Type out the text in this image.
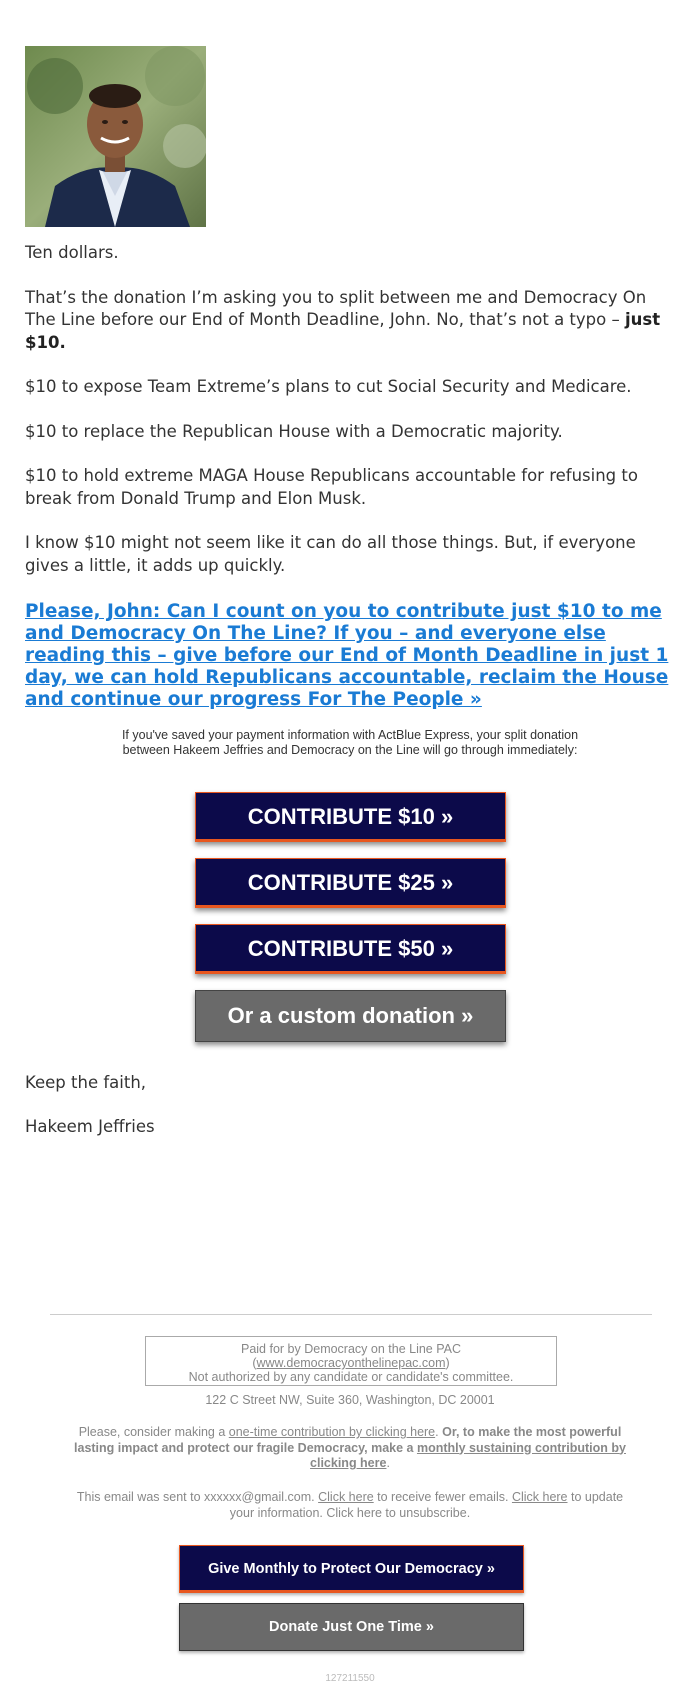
Ten dollars.

That’s the donation I’m asking you to split between me and Democracy On The Line before our End of Month Deadline, John. No, that’s not a typo – just $10.

$10 to expose Team Extreme’s plans to cut Social Security and Medicare.

$10 to replace the Republican House with a Democratic majority.

$10 to hold extreme MAGA House Republicans accountable for refusing to break from Donald Trump and Elon Musk.

I know $10 might not seem like it can do all those things. But, if everyone gives a little, it adds up quickly.

Please, John: Can I count on you to contribute just $10 to me and Democracy On The Line? If you – and everyone else reading this – give before our End of Month Deadline in just 1 day, we can hold Republicans accountable, reclaim the House and continue our progress For The People »

If you've saved your payment information with ActBlue Express, your split donation between Hakeem Jeffries and Democracy on the Line will go through immediately:

CONTRIBUTE $10 »
CONTRIBUTE $25 »
CONTRIBUTE $50 »
Or a custom donation »

Keep the faith,

Hakeem Jeffries

Paid for by Democracy on the Line PAC
(www.democracyonthelinepac.com)
Not authorized by any candidate or candidate's committee.
122 C Street NW, Suite 360, Washington, DC 20001
Please, consider making a one-time contribution by clicking here. Or, to make the most powerful lasting impact and protect our fragile Democracy, make a monthly sustaining contribution by clicking here.
This email was sent to xxxxxx@gmail.com. Click here to receive fewer emails. Click here to update your information. Click here to unsubscribe.
Give Monthly to Protect Our Democracy »
Donate Just One Time »
127211550
